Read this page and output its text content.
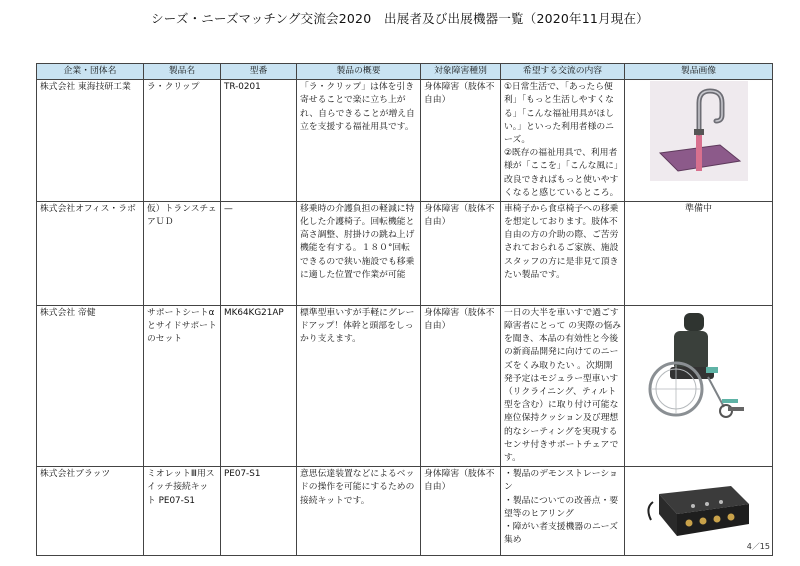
シーズ・ニーズマッチング交流会2020　出展者及び出展機器一覧（2020年11月現在）
企業・団体名	製品名	型番	製品の概要	対象障害種別	希望する交流の内容	製品画像
株式会社 東海技研工業	ラ・クリップ	TR-0201	「ラ・クリップ」は体を引き寄せることで楽に立ち上がれ、自らできることが増え自立を支援する福祉用具です。	身体障害（肢体不自由）	①日常生活で、「あったら便利」「もっと生活しやすくなる」「こんな福祉用具がほしい。」といった利用者様のニーズ。
②既存の福祉用具で、利用者様が「ここを」「こんな風に」改良できればもっと使いやすくなると感じているところ。	

株式会社オフィス・ラボ	仮）トランスチェアＵＤ	—	移乗時の介護負担の軽減に特化した介護椅子。回転機能と高さ調整、肘掛けの跳ね上げ機能を有する。１８０°回転できるので狭い施設でも移乗に適した位置で作業が可能	身体障害（肢体不自由）	車椅子から食卓椅子への移乗を想定しております。肢体不自由の方の介助の際、ご苦労されておられるご家族、施設スタッフの方に是非見て頂きたい製品です。	準備中
株式会社 帝健	サポートシートαとサイドサポートのセット	MK64KG21AP	標準型車いすが手軽にグレードアップ！体幹と頭部をしっかり支えます。	身体障害（肢体不自由）	一日の大半を車いすで過ごす障害者にとって の実際の悩みを聞き、本品の有効性と今後の新商品開発に向けてのニーズをくみ取りたい 。次期開発予定はモジュラー型車いす（リクライニング、ティルト型を含む）に取り付け可能な座位保持クッション及び理想的なシーティングを実現するセンサ付きサポートチェアです。	

株式会社ブラッツ	ミオレットⅢ用スイッチ接続キット PE07-S1	PE07-S1	意思伝達装置などによるベッドの操作を可能にするための接続キットです。	身体障害（肢体不自由）	・製品のデモンストレーション
・製品についての改善点・要望等のヒアリング
・障がい者支援機器のニーズ集め	
4／15
